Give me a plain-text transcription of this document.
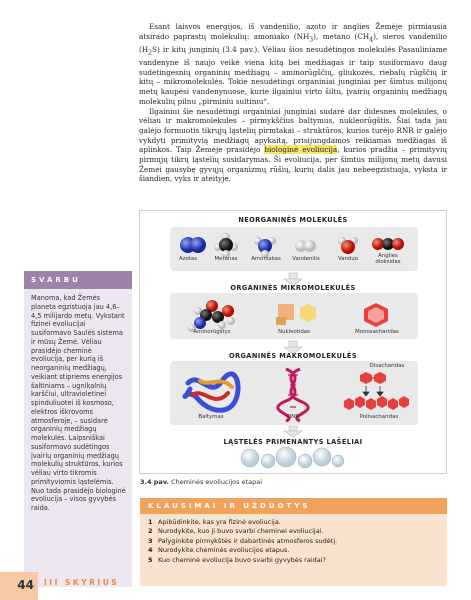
Esant laisvos energijos, iš vandenilio, azoto ir anglies Žemėje pirmiausia atsirado paprastų molekulių: amoniako $(NH_3)$, metano $(CH_4)$, sieros vandenilio $(H_2S)$ ir kitų junginių (3.4 pav.). Vėliau šios nesudėtingos molekulės Pasauliniame vandenyne iš naujo veikė viena kitą bei medžiagas ir taip susiformavo daug sudėtingesnių organinių medžiagų – aminorūgščių, gliukozės, riebalų rūgščių ir kitų – mikromolekulės. Tokie nesudėtingi organiniai junginiai per šimtus milijonų metų kaupėsi vandenynuose, kurie ilgainiui virto šiltu, įvairių organinių medžiagų molekulių pilnu „pirminiu sultiniu“.

Ilgainiui šie nesudėtingi organiniai junginiai sudarė dar didesnes molekules, o vėliau ir makromolekules – pirmykščius baltymus, nukleorūgštis. Šiai tada jau galėjo formuotis tikrųjų ląstelių pirmtakai – struktūros, kurios turėjo RNR ir galėjo vykdyti primityvią medžiagų apykaitą, prisijungdamos reikiamas medžiagas iš aplinkos. Taip Žemėje prasidėjo biologinė evoliucija, kurios pradžia – primityvių pirmųjų tikrų ląstelių susidarymas. Ši evoliucija, per šimtus milijonų metų davusi Žemei gausybę gyvųjų organizmų rūšių, kurių dalis jau nebeegzistuoja, vyksta ir šiandien, vyks ir ateityje.

SVARBU
Manoma, kad Žemės planeta egzistuoja jau 4,6–4,5 milijardo metų. Vykstant fizinei evoliucijai susiformavo Saulės sistema ir mūsų Žemė. Vėliau prasidėjo cheminė evoliucija, per kurią iš neorganinių medžiagų, veikiant stipriems energijos šaltiniams – ugnikalnių karščiui, ultravioletinei spinduliuotei iš kosmoso, elektros iškrovoms atmosferoje, – susidarė organinių medžiagų molekulės. Laipsniškai susiformavo sudėtingos įvairių organinių medžiagų molekulių struktūros, kurios vėliau virto tikromis primityviomis ląstelėmis. Nuo tada prasidėjo biologinė evoliucija – visos gyvybės raida.
NEORGANINĖS MOLEKULĖS
Azotas	Metanas	Amoniakas	Vandenilis	Vanduo	Anglies dioksidas
ORGANINĖS MIKROMOLEKULĖS
Aminorūgštys	Nukleotidas	Monosacharidas
ORGANINĖS MAKROMOLEKULĖS
Disacharidas
Baltymas	DNR	Polisacharidas
LĄSTELĖS PRIMENANTYS LAŠELIAI
3.4 pav. Cheminės evoliucijos etapai
KLAUSIMAI IR UŽDUOTYS
1 Apibūdinkite, kas yra fizinė evoliucija.
2 Nurodykite, kuo ji buvo svarbi cheminei evoliucijai.
3 Palyginkite pirmykštės ir dabartinės atmosferos sudėtį.
4 Nurodykite cheminės evoliucijos etapus.
5 Kuo cheminė evoliucija buvo svarbi gyvybės raidai?
44	III SKYRIUS
